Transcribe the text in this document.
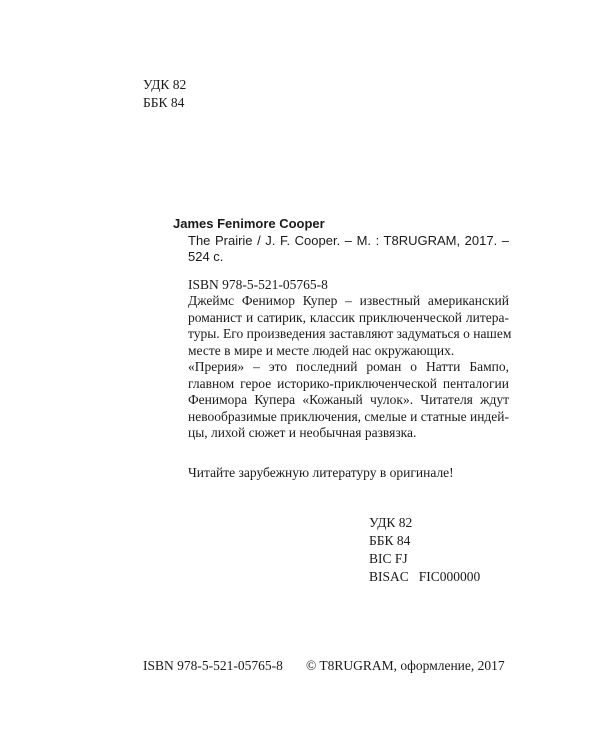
УДК 82
ББК 84
James Fenimore Cooper
The Prairie / J. F. Cooper. – M. : T8RUGRAM, 2017. –
524 с.
ISBN 978-5-521-05765-8
Джеймс Фенимор Купер – известный американский
романист и сатирик, классик приключенческой литера-
туры. Его произведения заставляют задуматься о нашем
месте в мире и месте людей нас окружающих.
«Прерия» – это последний роман о Натти Бампо,
главном герое историко-приключенческой пенталогии
Фенимора Купера «Кожаный чулок». Читателя ждут
невообразимые приключения, смелые и статные индей-
цы, лихой сюжет и необычная развязка.
Читайте зарубежную литературу в оригинале!
УДК 82
ББК 84
BIC FJ
BISAC FIC000000
ISBN 978-5-521-05765-8 © T8RUGRAM, оформление, 2017
